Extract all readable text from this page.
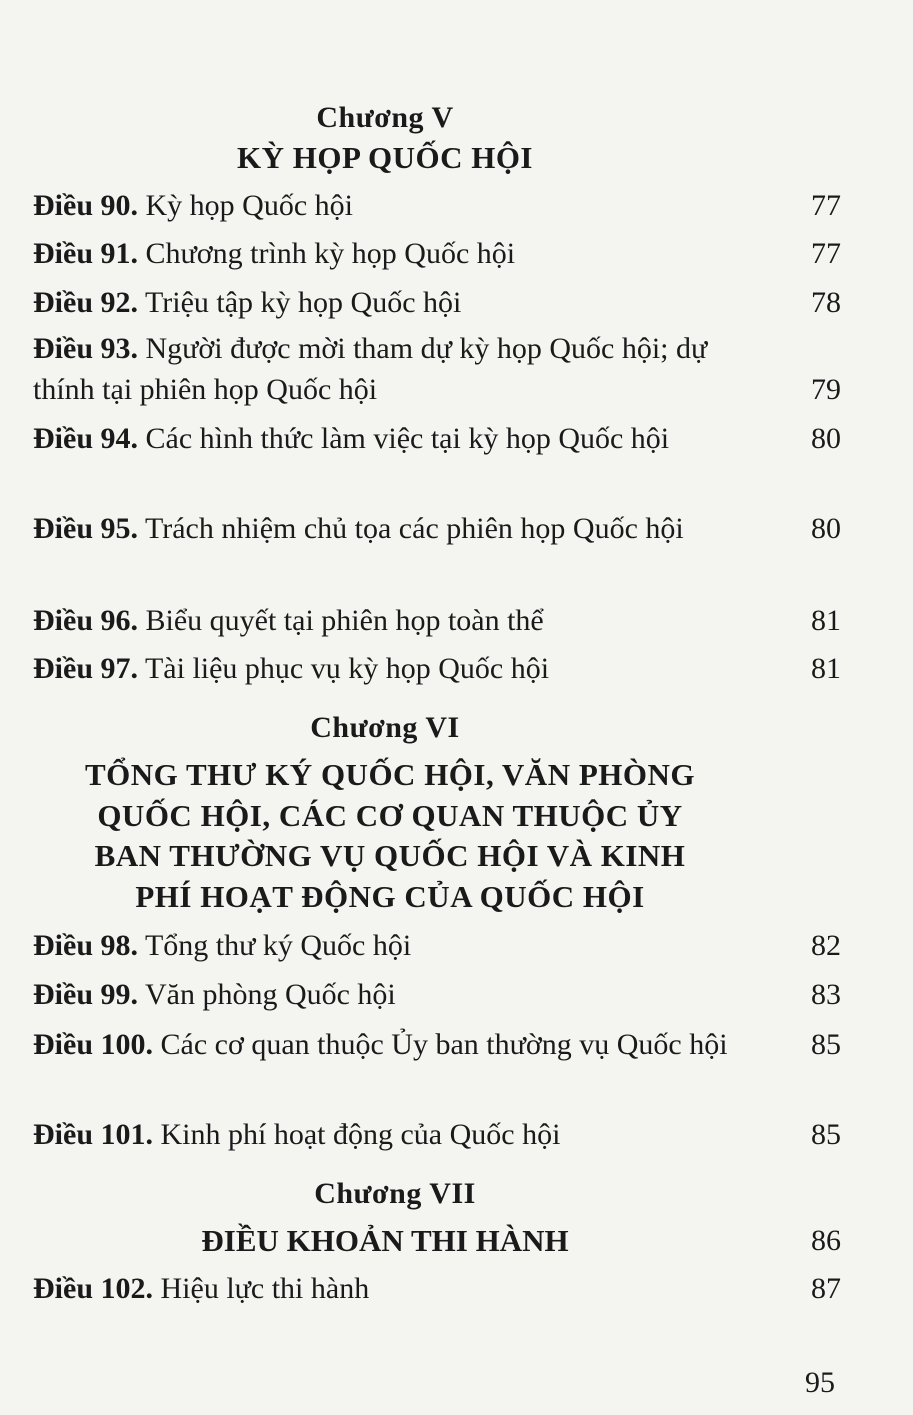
Chương V
KỲ HỌP QUỐC HỘI
Điều 90. Kỳ họp Quốc hội	77
Điều 91. Chương trình kỳ họp Quốc hội	77
Điều 92. Triệu tập kỳ họp Quốc hội	78
Điều 93. Người được mời tham dự kỳ họp Quốc hội; dự thính tại phiên họp Quốc hội	79
Điều 94. Các hình thức làm việc tại kỳ họp Quốc hội	80
Điều 95. Trách nhiệm chủ tọa các phiên họp Quốc hội	80
Điều 96. Biểu quyết tại phiên họp toàn thể	81
Điều 97. Tài liệu phục vụ kỳ họp Quốc hội	81
Chương VI
TỔNG THƯ KÝ QUỐC HỘI, VĂN PHÒNG
QUỐC HỘI, CÁC CƠ QUAN THUỘC ỦY
BAN THƯỜNG VỤ QUỐC HỘI VÀ KINH
PHÍ HOẠT ĐỘNG CỦA QUỐC HỘI
Điều 98. Tổng thư ký Quốc hội	82
Điều 99. Văn phòng Quốc hội	83
Điều 100. Các cơ quan thuộc Ủy ban thường vụ Quốc hội	85
Điều 101. Kinh phí hoạt động của Quốc hội	85
Chương VII
ĐIỀU KHOẢN THI HÀNH	86
Điều 102. Hiệu lực thi hành	87
95
